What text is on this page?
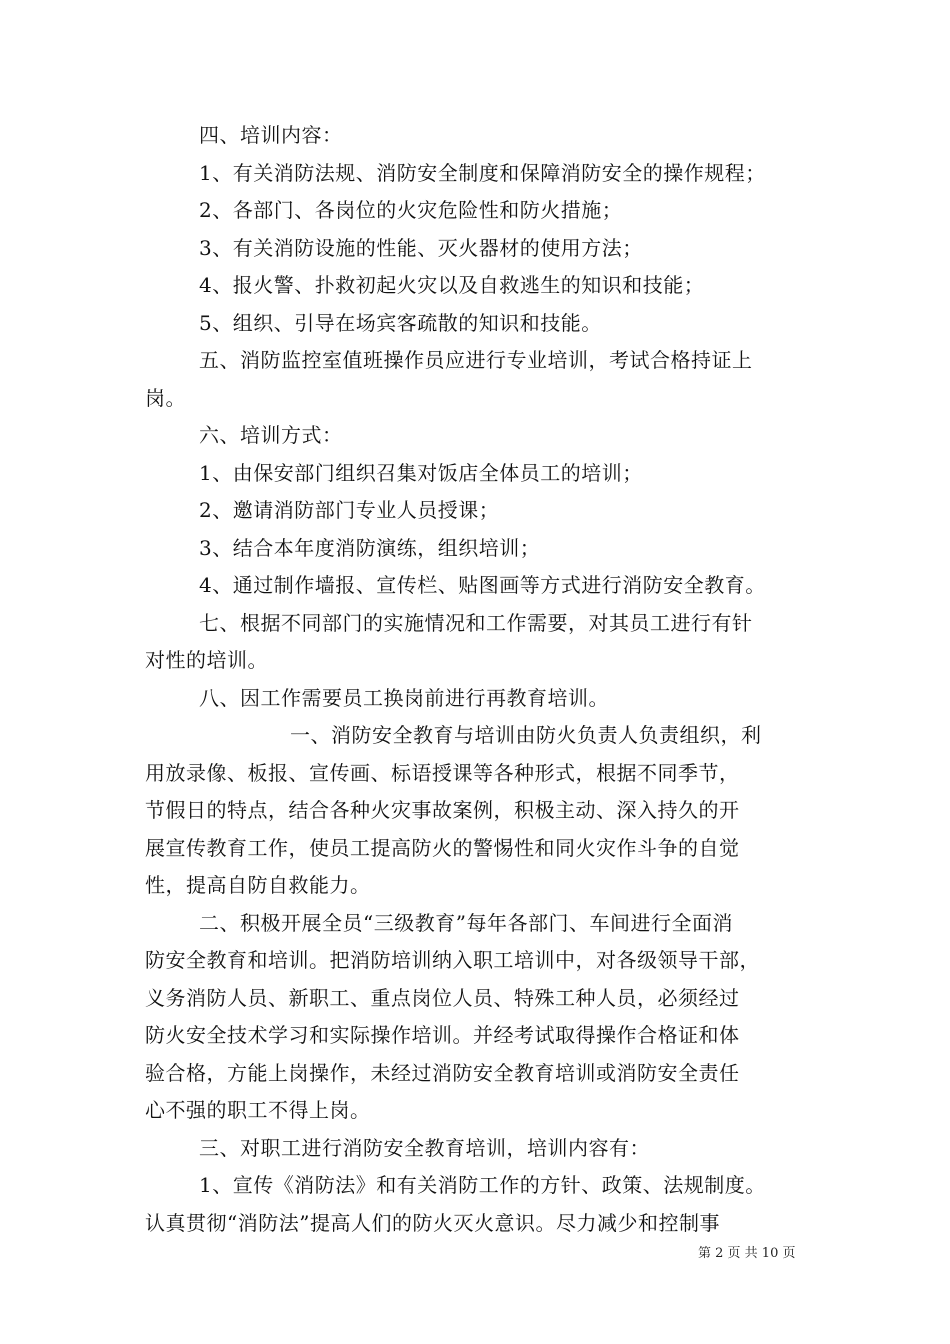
四、培训内容：

1、有关消防法规、消防安全制度和保障消防安全的操作规程；

2、各部门、各岗位的火灾危险性和防火措施；

3、有关消防设施的性能、灭火器材的使用方法；

4、报火警、扑救初起火灾以及自救逃生的知识和技能；

5、组织、引导在场宾客疏散的知识和技能。

五、消防监控室值班操作员应进行专业培训，考试合格持证上

岗。

六、培训方式：

1、由保安部门组织召集对饭店全体员工的培训；

2、邀请消防部门专业人员授课；

3、结合本年度消防演练，组织培训；

4、通过制作墙报、宣传栏、贴图画等方式进行消防安全教育。

七、根据不同部门的实施情况和工作需要，对其员工进行有针

对性的培训。

八、因工作需要员工换岗前进行再教育培训。

一、消防安全教育与培训由防火负责人负责组织，利

用放录像、板报、宣传画、标语授课等各种形式，根据不同季节，

节假日的特点，结合各种火灾事故案例，积极主动、深入持久的开

展宣传教育工作，使员工提高防火的警惕性和同火灾作斗争的自觉

性，提高自防自救能力。

二、积极开展全员“三级教育”每年各部门、车间进行全面消

防安全教育和培训。把消防培训纳入职工培训中，对各级领导干部，

义务消防人员、新职工、重点岗位人员、特殊工种人员，必须经过

防火安全技术学习和实际操作培训。并经考试取得操作合格证和体

验合格，方能上岗操作，未经过消防安全教育培训或消防安全责任

心不强的职工不得上岗。

三、对职工进行消防安全教育培训，培训内容有：

1、宣传《消防法》和有关消防工作的方针、政策、法规制度。

认真贯彻“消防法”提高人们的防火灭火意识。尽力减少和控制事

第 2 页 共 10 页
